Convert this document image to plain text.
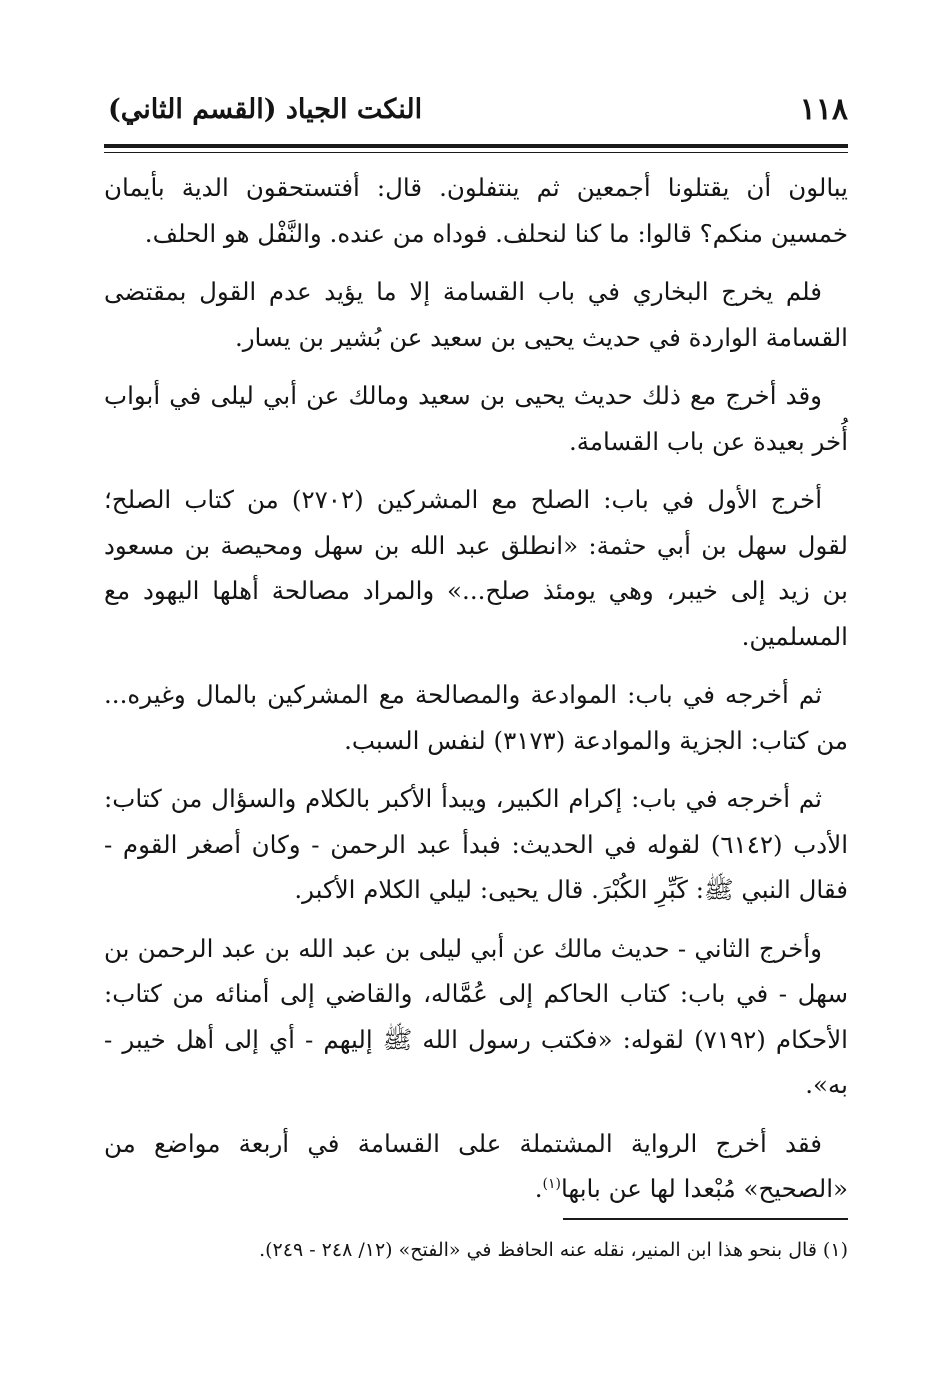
١١٨
النكت الجياد (القسم الثاني)

يبالون أن يقتلونا أجمعين ثم ينتفلون. قال: أفتستحقون الدية بأيمان خمسين منكم؟ قالوا: ما كنا لنحلف. فوداه من عنده. والنَّفْل هو الحلف.

فلم يخرج البخاري في باب القسامة إلا ما يؤيد عدم القول بمقتضى القسامة الواردة في حديث يحيى بن سعيد عن بُشير بن يسار.

وقد أخرج مع ذلك حديث يحيى بن سعيد ومالك عن أبي ليلى في أبواب أُخر بعيدة عن باب القسامة.

أخرج الأول في باب: الصلح مع المشركين (٢٧٠٢) من كتاب الصلح؛ لقول سهل بن أبي حثمة: «انطلق عبد الله بن سهل ومحيصة بن مسعود بن زيد إلى خيبر، وهي يومئذ صلح...» والمراد مصالحة أهلها اليهود مع المسلمين.

ثم أخرجه في باب: الموادعة والمصالحة مع المشركين بالمال وغيره... من كتاب: الجزية والموادعة (٣١٧٣) لنفس السبب.

ثم أخرجه في باب: إكرام الكبير، ويبدأ الأكبر بالكلام والسؤال من كتاب: الأدب (٦١٤٢) لقوله في الحديث: فبدأ عبد الرحمن - وكان أصغر القوم - فقال النبي ﷺ: كَبِّرِ الكُبْرَ. قال يحيى: ليلي الكلام الأكبر.

وأخرج الثاني - حديث مالك عن أبي ليلى بن عبد الله بن عبد الرحمن بن سهل - في باب: كتاب الحاكم إلى عُمَّاله، والقاضي إلى أمنائه من كتاب: الأحكام (٧١٩٢) لقوله: «فكتب رسول الله ﷺ إليهم - أي إلى أهل خيبر - به».

فقد أخرج الرواية المشتملة على القسامة في أربعة مواضع من «الصحيح» مُبْعدا لها عن بابها$^{(١)}$.

(١) قال بنحو هذا ابن المنير، نقله عنه الحافظ في «الفتح» (١٢/ ٢٤٨ - ٢٤٩).
